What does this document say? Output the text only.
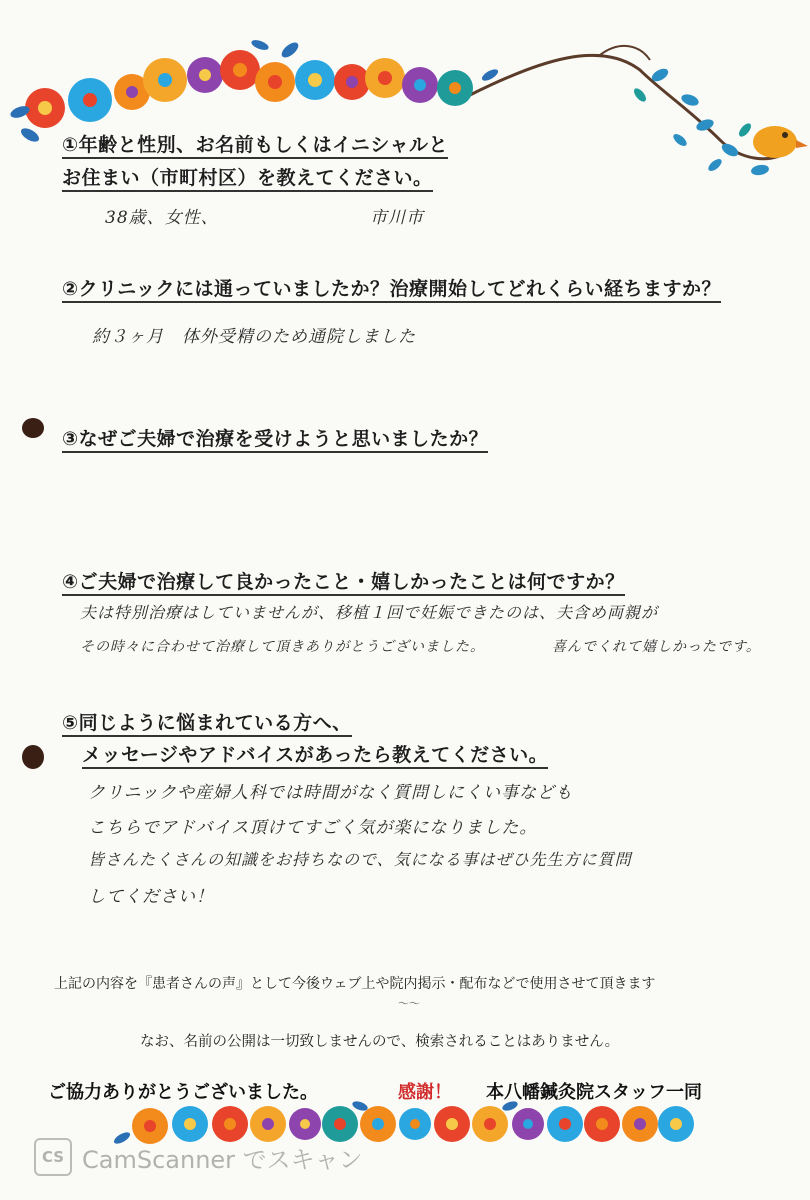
①年齢と性別、お名前もしくはイニシャルと
お住まい（市町村区）を教えてください。
38歳、女性、	市川市
②クリニックには通っていましたか？治療開始してどれくらい経ちますか？
約３ヶ月　体外受精のため通院しました
③なぜご夫婦で治療を受けようと思いましたか？
④ご夫婦で治療して良かったこと・嬉しかったことは何ですか？
夫は特別治療はしていませんが、移植１回で妊娠できたのは、夫含め両親が
その時々に合わせて治療して頂きありがとうございました。	喜んでくれて嬉しかったです。
⑤同じように悩まれている方へ、
メッセージやアドバイスがあったら教えてください。
クリニックや産婦人科では時間がなく質問しにくい事なども
こちらでアドバイス頂けてすごく気が楽になりました。
皆さんたくさんの知識をお持ちなので、気になる事はぜひ先生方に質問
してください！
上記の内容を『患者さんの声』として今後ウェブ上や院内掲示・配布などで使用させて頂きます
〜〜
なお、名前の公開は一切致しませんので、検索されることはありません。
ご協力ありがとうございました。	感謝！ 本八幡鍼灸院スタッフ一同
CS CamScanner でスキャン
